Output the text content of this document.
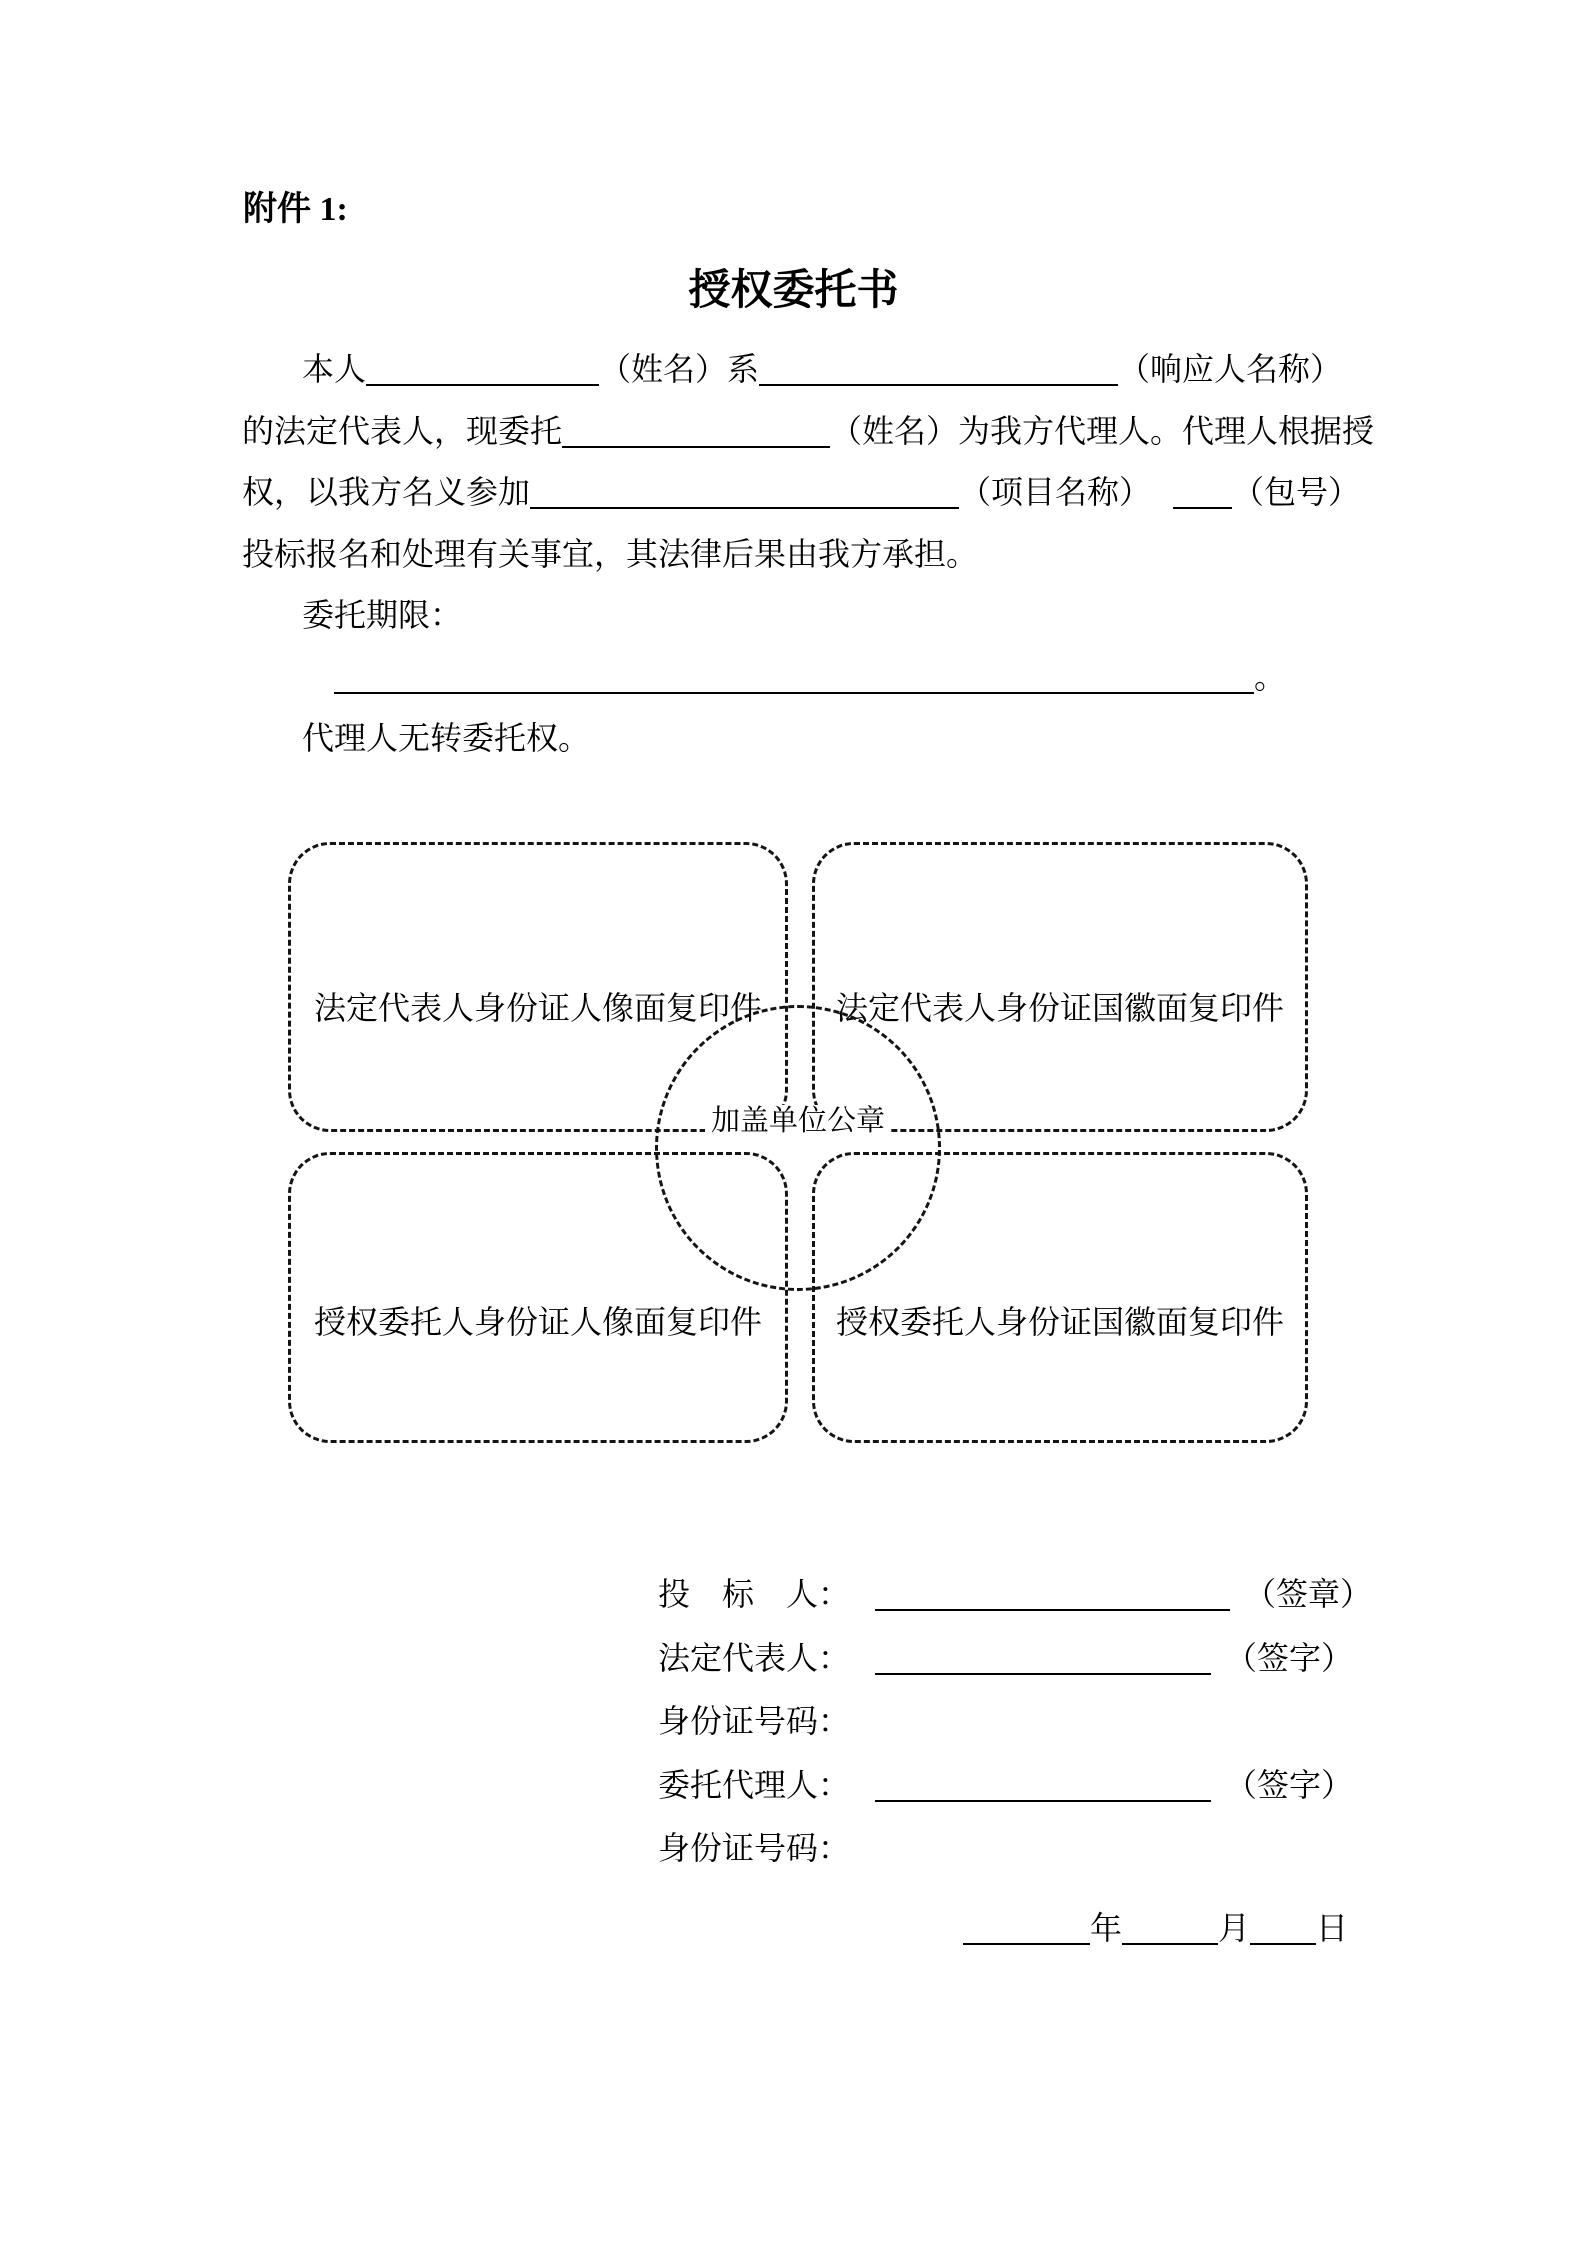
附件 1:
授权委托书
本人	（姓名）系	（响应人名称）
的法定代表人，现委托	（姓名）为我方代理人。代理人根据授
权，以我方名义参加	（项目名称）	（包号）
投标报名和处理有关事宜，其法律后果由我方承担。
委托期限：
。
代理人无转委托权。
法定代表人身份证人像面复印件 法定代表人身份证国徽面复印件
授权委托人身份证人像面复印件 授权委托人身份证国徽面复印件
加盖单位公章
投标人：	（签章）
法定代表人：	（签字）
身份证号码：
委托代理人：	（签字）
身份证号码：
年	月 日
